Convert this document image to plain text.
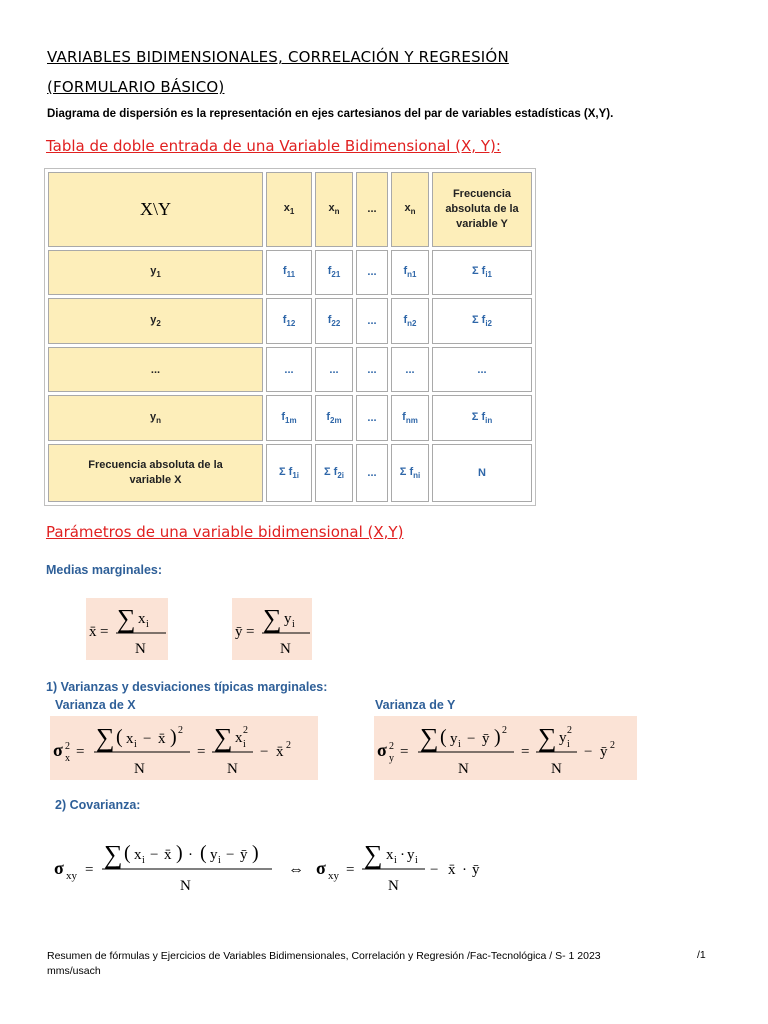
VARIABLES BIDIMENSIONALES, CORRELACIÓN Y REGRESIÓN
(FORMULARIO BÁSICO)
Diagrama de dispersión es la representación en ejes cartesianos del par de variables estadísticas (X,Y).
Tabla de doble entrada de una Variable Bidimensional (X, Y):
X\Y	$x_1$	$x_n$	...	$x_n$	Frecuencia absoluta de la variable Y
$y_1$	$f_{11}$	$f_{21}$	...	$f_{n1}$	Σ $f_{i1}$
$y_2$	$f_{12}$	$f_{22}$	...	$f_{n2}$	Σ $f_{i2}$
...	...	...	...	...	...
$y_n$	$f_{1m}$	$f_{2m}$	...	$f_{nm}$	Σ $f_{in}$
Frecuencia absoluta de la variable X	Σ $f_{1i}$	Σ $f_{2i}$	...	Σ $f_{ni}$	N
Parámetros de una variable bidimensional (X,Y)
Medias marginales:
x̄ = ∑ x i
N
ȳ = ∑ y i
N
1) Varianzas y desviaciones típicas marginales:
Varianza de X	Varianza de Y
σ 2
x = ∑ ( x i − x̄ ) 2
N
= ∑ x 2
i
N
− x̄ 2	σ 2
y = ∑ ( y i − ȳ ) 2
N
= ∑ y 2
i
N
− ȳ 2
2) Covarianza:
σ xy =
∑ ( x i − x̄ ) · ( y i − ȳ )
N
⇔ σ xy =
∑ x i · y i
N
− x̄ · ȳ
Resumen de fórmulas y Ejercicios de Variables Bidimensionales, Correlación y Regresión /Fac-Tecnológica / S- 1 2023
mms/usach
/1
